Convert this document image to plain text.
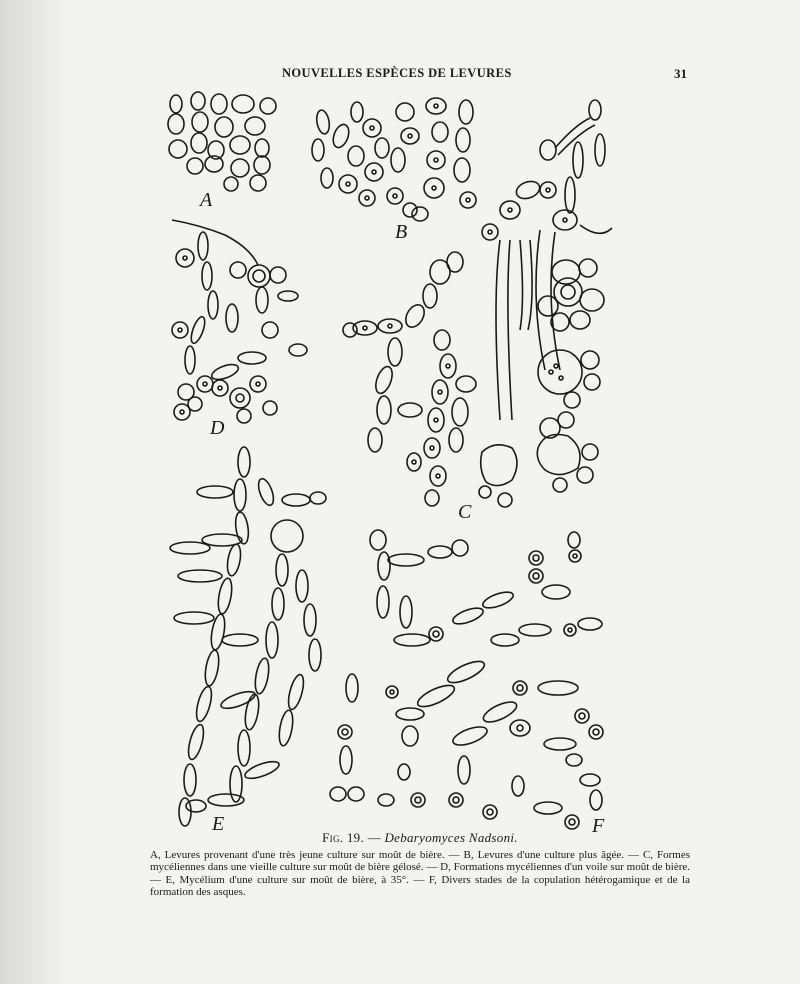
NOUVELLES ESPÈCES DE LEVURES	31
A
B
D
C
E	F
Fig. 19. — Debaryomyces Nadsoni.
A, Levures provenant d'une très jeune culture sur moût de bière. — B, Levures d'une culture plus âgée. — C, Formes mycéliennes dans une vieille culture sur moût de bière gélosé. — D, Formations mycéliennes d'un voile sur moût de bière. — E, Mycélium d'une culture sur moût de bière, à 35°. — F, Divers stades de la copulation hétérogamique et de la formation des asques.
